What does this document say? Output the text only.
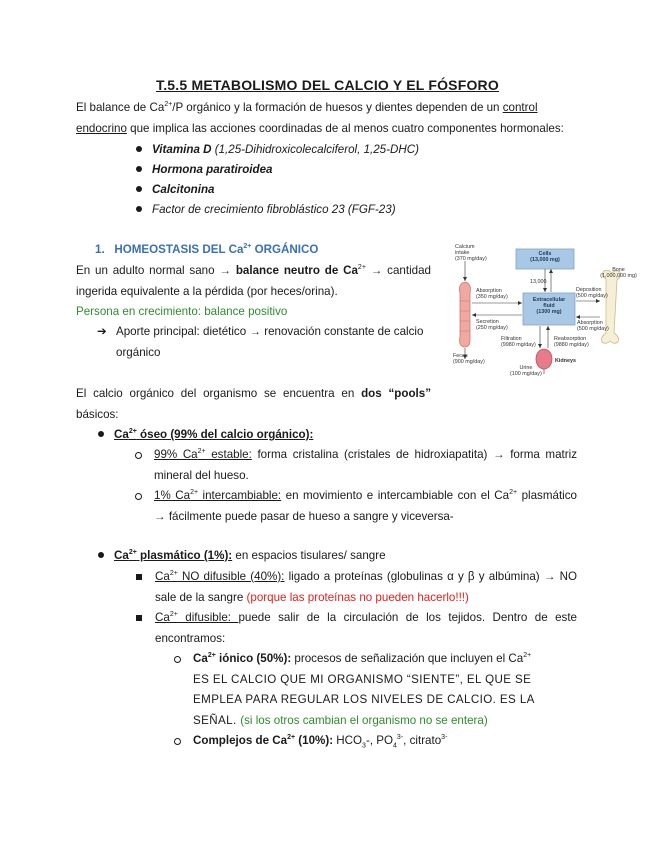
T.5.5 METABOLISMO DEL CALCIO Y EL FÓSFORO
El balance de $Ca^{2+}/P$ orgánico y la formación de huesos y dientes dependen de un control endocrino que implica las acciones coordinadas de al menos cuatro componentes hormonales:
Vitamina D (1,25-Dihidroxicolecalciferol, 1,25-DHC)
Hormona paratiroidea
Calcitonina
Factor de crecimiento fibroblástico 23 (FGF-23)
1. HOMEOSTASIS DEL $Ca^{2+}$ ORGÁNICO
En un adulto normal sano → balance neutro de $Ca^{2+}$ → cantidad ingerida equivalente a la pérdida (por heces/orina).
Persona en crecimiento: balance positivo
➔ Aporte principal: dietético → renovación constante de calcio orgánico
El calcio orgánico del organismo se encuentra en dos “pools” básicos:
$Ca^{2+}$ óseo (99% del calcio orgánico):
99% $Ca^{2+}$ estable: forma cristalina (cristales de hidroxiapatita) → forma matriz mineral del hueso.
1% $Ca^{2+}$ intercambiable: en movimiento e intercambiable con el $Ca^{2+}$ plasmático → fácilmente puede pasar de hueso a sangre y viceversa-
$Ca^{2+}$ plasmático (1%): en espacios tisulares/ sangre
$Ca^{2+}$ NO difusible (40%): ligado a proteínas (globulinas α y β y albúmina) → NO sale de la sangre (porque las proteínas no pueden hacerlo!!!)
$Ca^{2+}$ difusible: puede salir de la circulación de los tejidos. Dentro de este encontramos:
$Ca^{2+}$ iónico (50%): procesos de señalización que incluyen el $Ca^{2+}$
ES EL CALCIO QUE MI ORGANISMO “SIENTE”, EL QUE SE EMPLEA PARA REGULAR LOS NIVELES DE CALCIO. ES LA SEÑAL. (si los otros cambian el organismo no se entera)
Complejos de $Ca^{2+}$ (10%): $HCO_3-$, $PO_4^{3-}$, citrato$^{3-}$
Calcium
intake
(370 mg/day)
Cells
(13,000 mg)
Bone
(1,000,000 mg)
Absorption
(350 mg/day)	Extracellular
fluid
(1300 mg)
Deposition
(500 mg/day)
Secretion
(250 mg/day)
Absorption
(500 mg/day)
Filtration
(9980 mg/day)
Reabsorption
(9880 mg/day)
Feces
(900 mg/day)	Kidneys
Urine
(100 mg/day)
13,000
